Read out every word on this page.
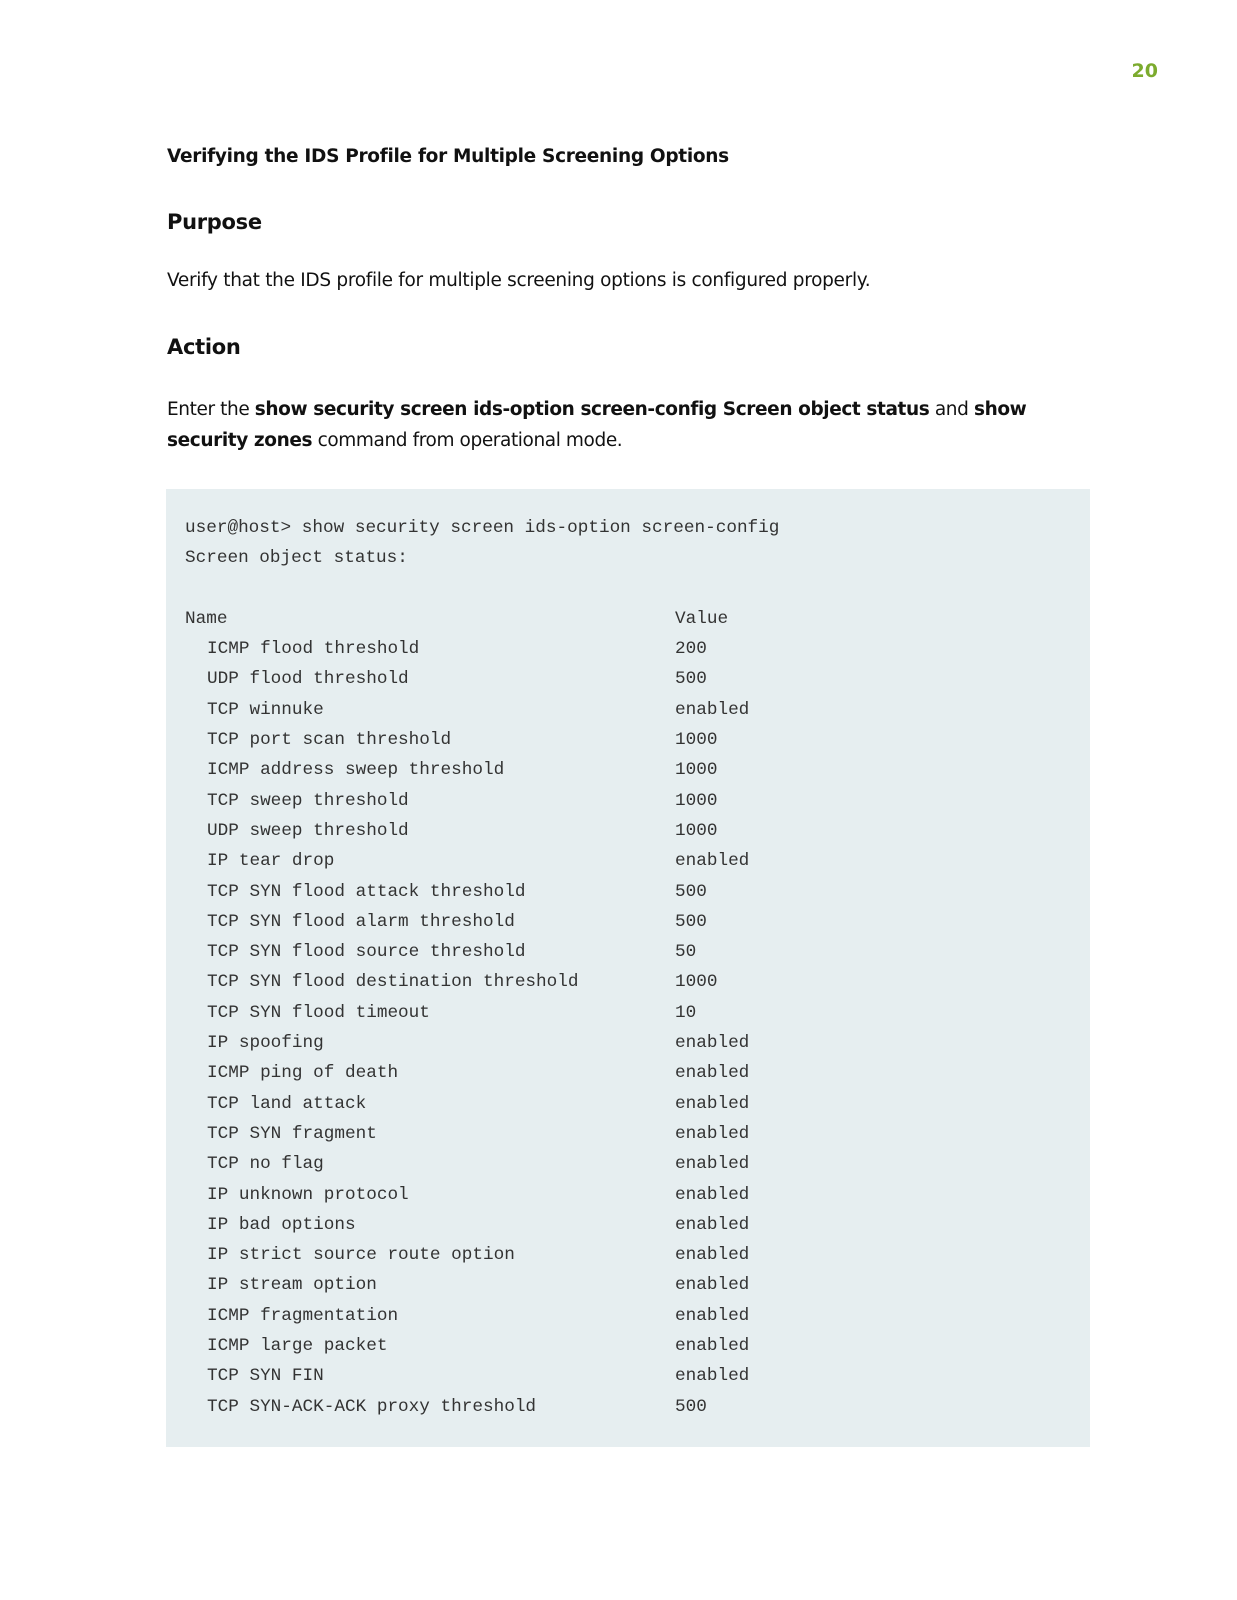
20
Verifying the IDS Profile for Multiple Screening Options
Purpose

Verify that the IDS profile for multiple screening options is configured properly.

Action

Enter the show security screen ids-option screen-config Screen object status and show security zones command from operational mode.

user@host> show security screen ids-option screen-config
Screen object status:
Name	Value
ICMP flood threshold	200
UDP flood threshold	500
TCP winnuke	enabled
TCP port scan threshold	1000
ICMP address sweep threshold	1000
TCP sweep threshold	1000
UDP sweep threshold	1000
IP tear drop	enabled
TCP SYN flood attack threshold	500
TCP SYN flood alarm threshold	500
TCP SYN flood source threshold	50
TCP SYN flood destination threshold	1000
TCP SYN flood timeout	10
IP spoofing	enabled
ICMP ping of death	enabled
TCP land attack	enabled
TCP SYN fragment	enabled
TCP no flag	enabled
IP unknown protocol	enabled
IP bad options	enabled
IP strict source route option	enabled
IP stream option	enabled
ICMP fragmentation	enabled
ICMP large packet	enabled
TCP SYN FIN	enabled
TCP SYN-ACK-ACK proxy threshold	500
